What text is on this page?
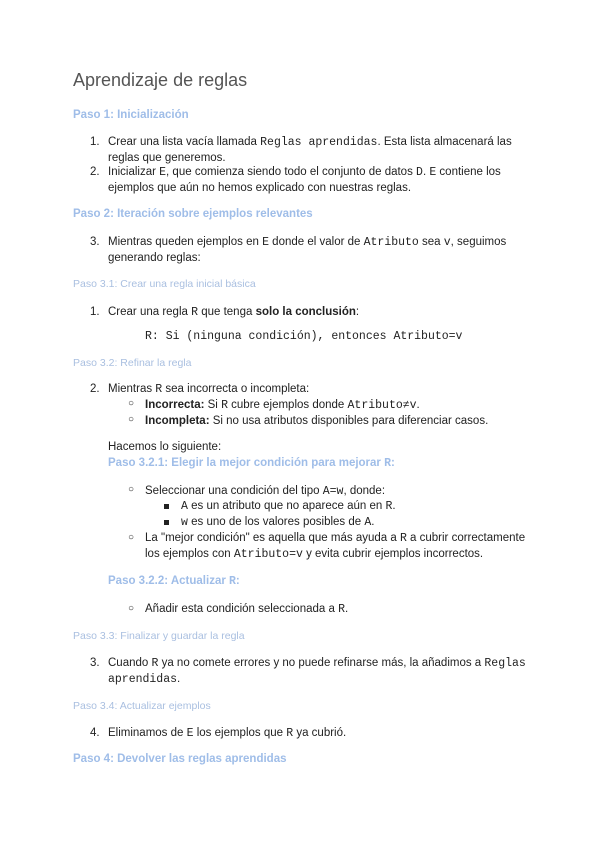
Aprendizaje de reglas
Paso 1: Inicialización
1. Crear una lista vacía llamada Reglas aprendidas. Esta lista almacenará las
reglas que generemos.
2. Inicializar E, que comienza siendo todo el conjunto de datos D. E contiene los
ejemplos que aún no hemos explicado con nuestras reglas.
Paso 2: Iteración sobre ejemplos relevantes
3. Mientras queden ejemplos en E donde el valor de Atributo sea v, seguimos
generando reglas:
Paso 3.1: Crear una regla inicial básica
1. Crear una regla R que tenga solo la conclusión:
R: Si (ninguna condición), entonces Atributo=v
Paso 3.2: Refinar la regla
2. Mientras R sea incorrecta o incompleta:
○ Incorrecta: Si R cubre ejemplos donde Atributo≠v.
○ Incompleta: Si no usa atributos disponibles para diferenciar casos.
Hacemos lo siguiente:
Paso 3.2.1: Elegir la mejor condición para mejorar R:
○ Seleccionar una condición del tipo A=w, donde:
A es un atributo que no aparece aún en R.
w es uno de los valores posibles de A.
○ La "mejor condición" es aquella que más ayuda a R a cubrir correctamente
los ejemplos con Atributo=v y evita cubrir ejemplos incorrectos.
Paso 3.2.2: Actualizar R:
○ Añadir esta condición seleccionada a R.
Paso 3.3: Finalizar y guardar la regla
3. Cuando R ya no comete errores y no puede refinarse más, la añadimos a Reglas
aprendidas.
Paso 3.4: Actualizar ejemplos
4. Eliminamos de E los ejemplos que R ya cubrió.
Paso 4: Devolver las reglas aprendidas
